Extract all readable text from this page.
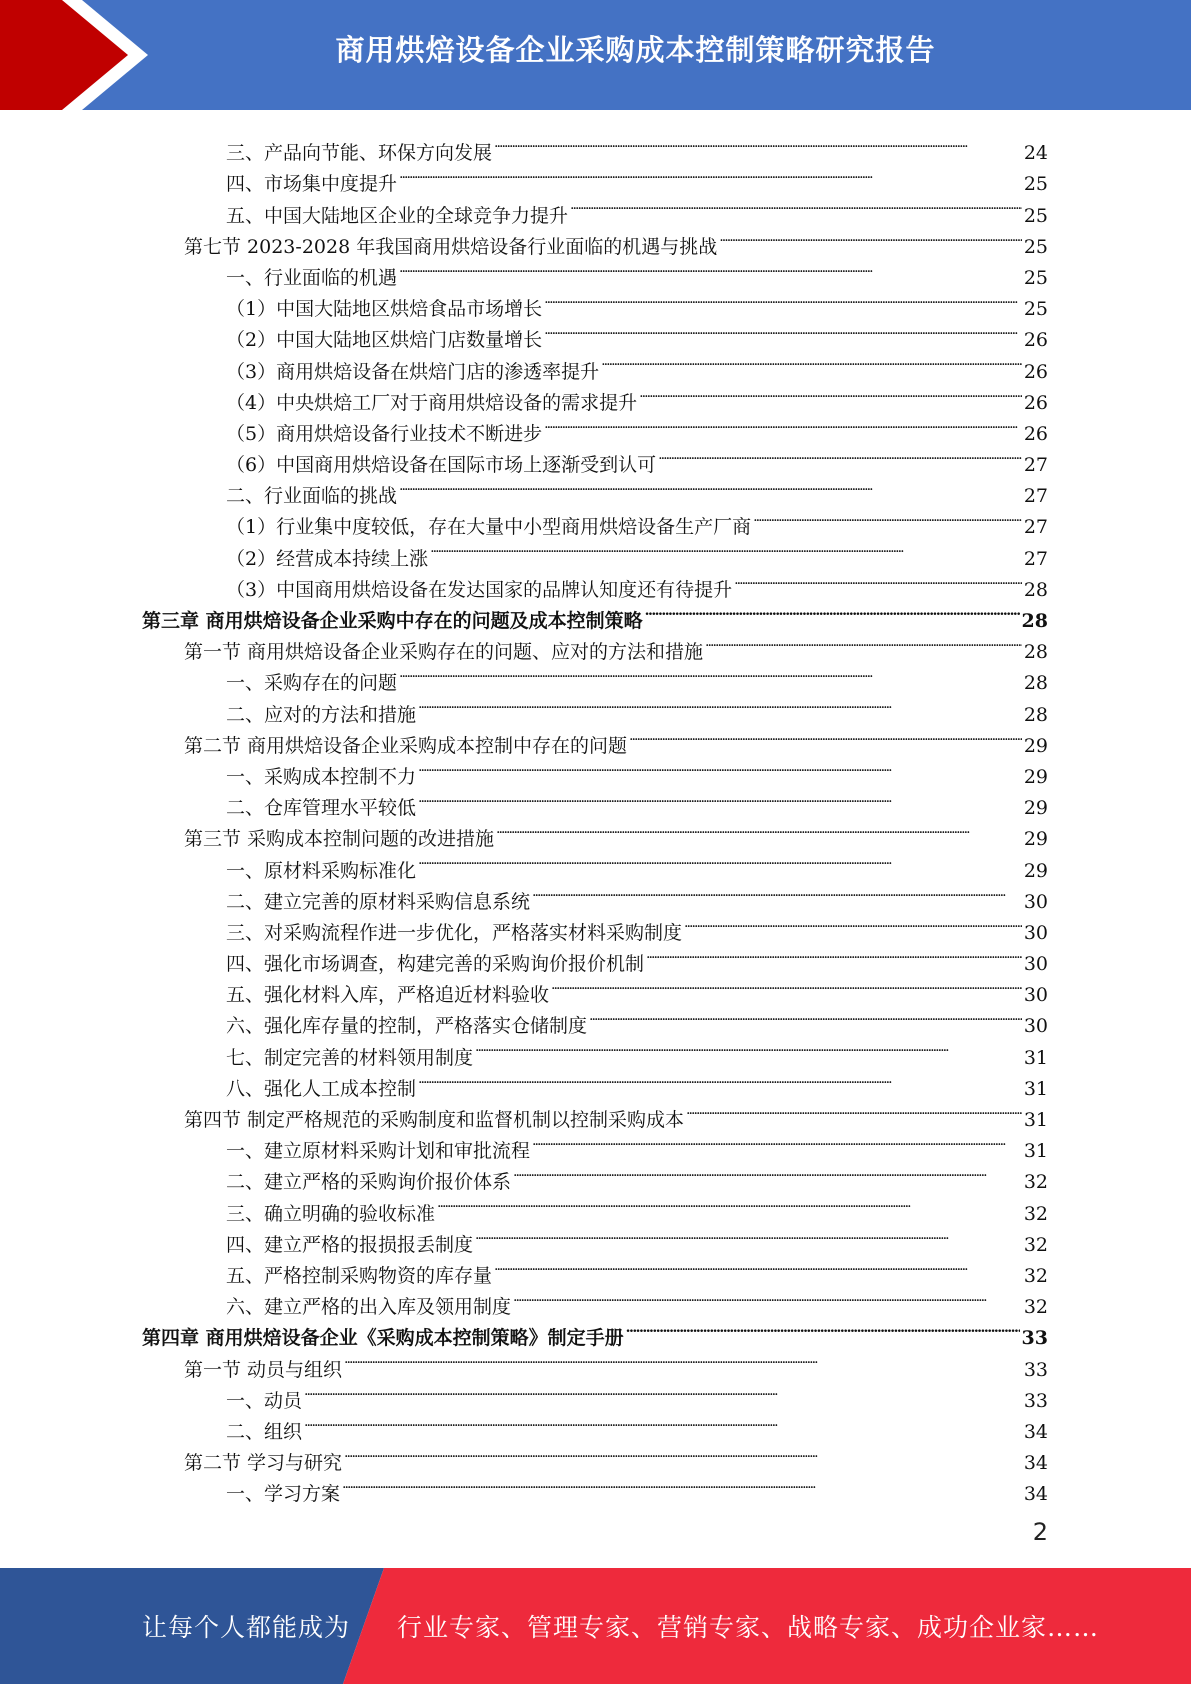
商用烘焙设备企业采购成本控制策略研究报告
三、产品向节能、环保方向发展 . . .	24
四、市场集中度提升 . . .	25
五、中国大陆地区企业的全球竞争力提升 . . .	25
第七节 2023-2028 年我国商用烘焙设备行业面临的机遇与挑战 . . .	25
一、行业面临的机遇 . . .	25
（1）中国大陆地区烘焙食品市场增长 . . .	25
（2）中国大陆地区烘焙门店数量增长 . . .	26
（3）商用烘焙设备在烘焙门店的渗透率提升 . . .	26
（4）中央烘焙工厂对于商用烘焙设备的需求提升 . . .	26
（5）商用烘焙设备行业技术不断进步 . . .	26
（6）中国商用烘焙设备在国际市场上逐渐受到认可 . . .	27
二、行业面临的挑战 . . .	27
（1）行业集中度较低，存在大量中小型商用烘焙设备生产厂商 . . .	27
（2）经营成本持续上涨 . . .	27
（3）中国商用烘焙设备在发达国家的品牌认知度还有待提升 . . .	28
第三章 商用烘焙设备企业采购中存在的问题及成本控制策略 . . .	28
第一节 商用烘焙设备企业采购存在的问题、应对的方法和措施 . . .	28
一、采购存在的问题 . . .	28
二、应对的方法和措施 . . .	28
第二节 商用烘焙设备企业采购成本控制中存在的问题 . . .	29
一、采购成本控制不力 . . .	29
二、仓库管理水平较低 . . .	29
第三节 采购成本控制问题的改进措施 . . .	29
一、原材料采购标准化 . . .	29
二、建立完善的原材料采购信息系统 . . .	30
三、对采购流程作进一步优化，严格落实材料采购制度 . . .	30
四、强化市场调查，构建完善的采购询价报价机制 . . .	30
五、强化材料入库，严格追近材料验收 . . .	30
六、强化库存量的控制，严格落实仓储制度 . . .	30
七、制定完善的材料领用制度 . . .	31
八、强化人工成本控制 . . .	31
第四节 制定严格规范的采购制度和监督机制以控制采购成本 . . .	31
一、建立原材料采购计划和审批流程 . . .	31
二、建立严格的采购询价报价体系 . . .	32
三、确立明确的验收标准 . . .	32
四、建立严格的报损报丢制度 . . .	32
五、严格控制采购物资的库存量 . . .	32
六、建立严格的出入库及领用制度 . . .	32
第四章 商用烘焙设备企业《采购成本控制策略》制定手册 . . .	33
第一节 动员与组织 . . .	33
一、动员 . . .	33
二、组织 . . .	34
第二节 学习与研究 . . .	34
一、学习方案 . . .	34
2
让每个人都能成为 行业专家、管理专家、营销专家、战略专家、成功企业家……
